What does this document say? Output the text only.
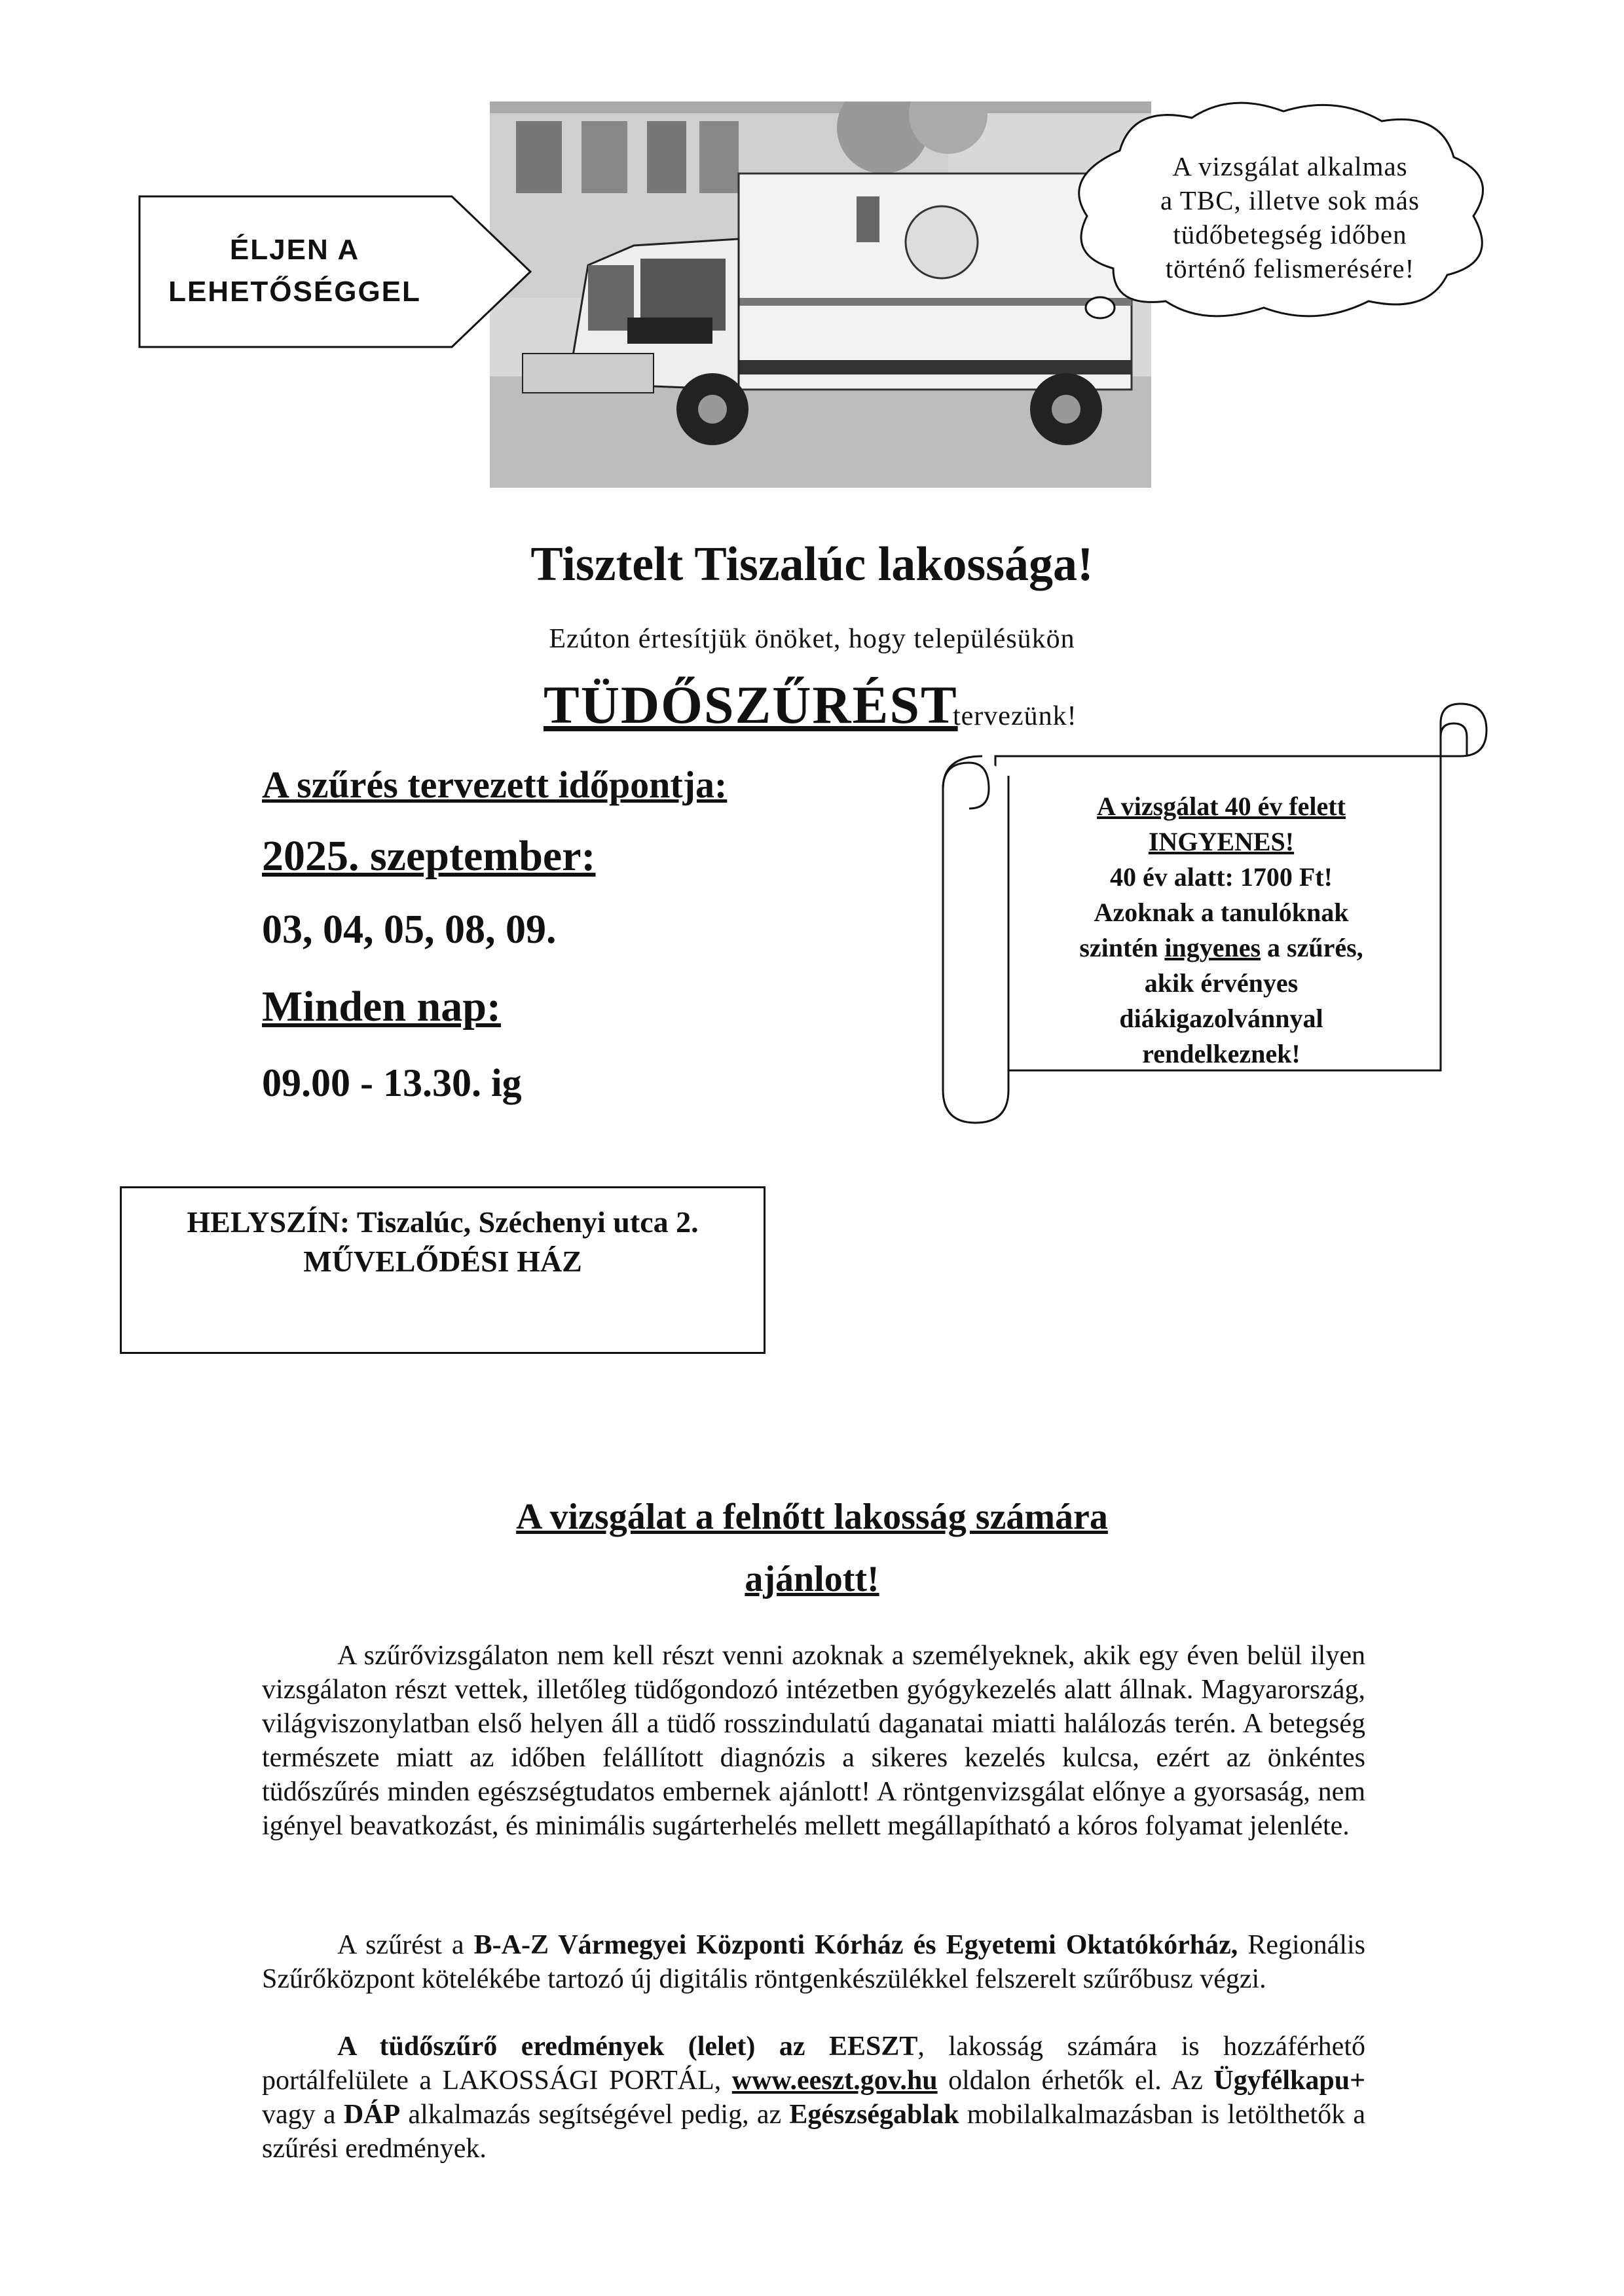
ÉLJEN A
LEHETŐSÉGGEL
A vizsgálat alkalmas
a TBC, illetve sok más
tüdőbetegség időben
történő felismerésére!
Tisztelt Tiszalúc lakossága!
Ezúton értesítjük önöket, hogy településükön
TÜDŐSZŰRÉST
tervezünk!
A szűrés tervezett időpontja:
2025. szeptember:
03, 04, 05, 08, 09.
Minden nap:
09.00 - 13.30. ig
A vizsgálat 40 év felett
INGYENES!
40 év alatt: 1700 Ft!
Azoknak a tanulóknak
szintén ingyenes a szűrés,
akik érvényes
diákigazolvánnyal
rendelkeznek!
HELYSZÍN: Tiszalúc, Széchenyi utca 2.
MŰVELŐDÉSI HÁZ
A vizsgálat a felnőtt lakosság számára
ajánlott!
A szűrővizsgálaton nem kell részt venni azoknak a személyeknek, akik egy éven belül ilyen vizsgálaton részt vettek, illetőleg tüdőgondozó intézetben gyógykezelés alatt állnak. Magyarország, világviszonylatban első helyen áll a tüdő rosszindulatú daganatai miatti halálozás terén. A betegség természete miatt az időben felállított diagnózis a sikeres kezelés kulcsa, ezért az önkéntes tüdőszűrés minden egészségtudatos embernek ajánlott! A röntgenvizsgálat előnye a gyorsaság, nem igényel beavatkozást, és minimális sugárterhelés mellett megállapítható a kóros folyamat jelenléte.
A szűrést a B-A-Z Vármegyei Központi Kórház és Egyetemi Oktatókórház, Regionális Szűrőközpont kötelékébe tartozó új digitális röntgenkészülékkel felszerelt szűrőbusz végzi.
A tüdőszűrő eredmények (lelet) az EESZT, lakosság számára is hozzáférhető portálfelülete a LAKOSSÁGI PORTÁL, www.eeszt.gov.hu oldalon érhetők el. Az Ügyfélkapu+ vagy a DÁP alkalmazás segítségével pedig, az Egészségablak mobilalkalmazásban is letölthetők a szűrési eredmények.
